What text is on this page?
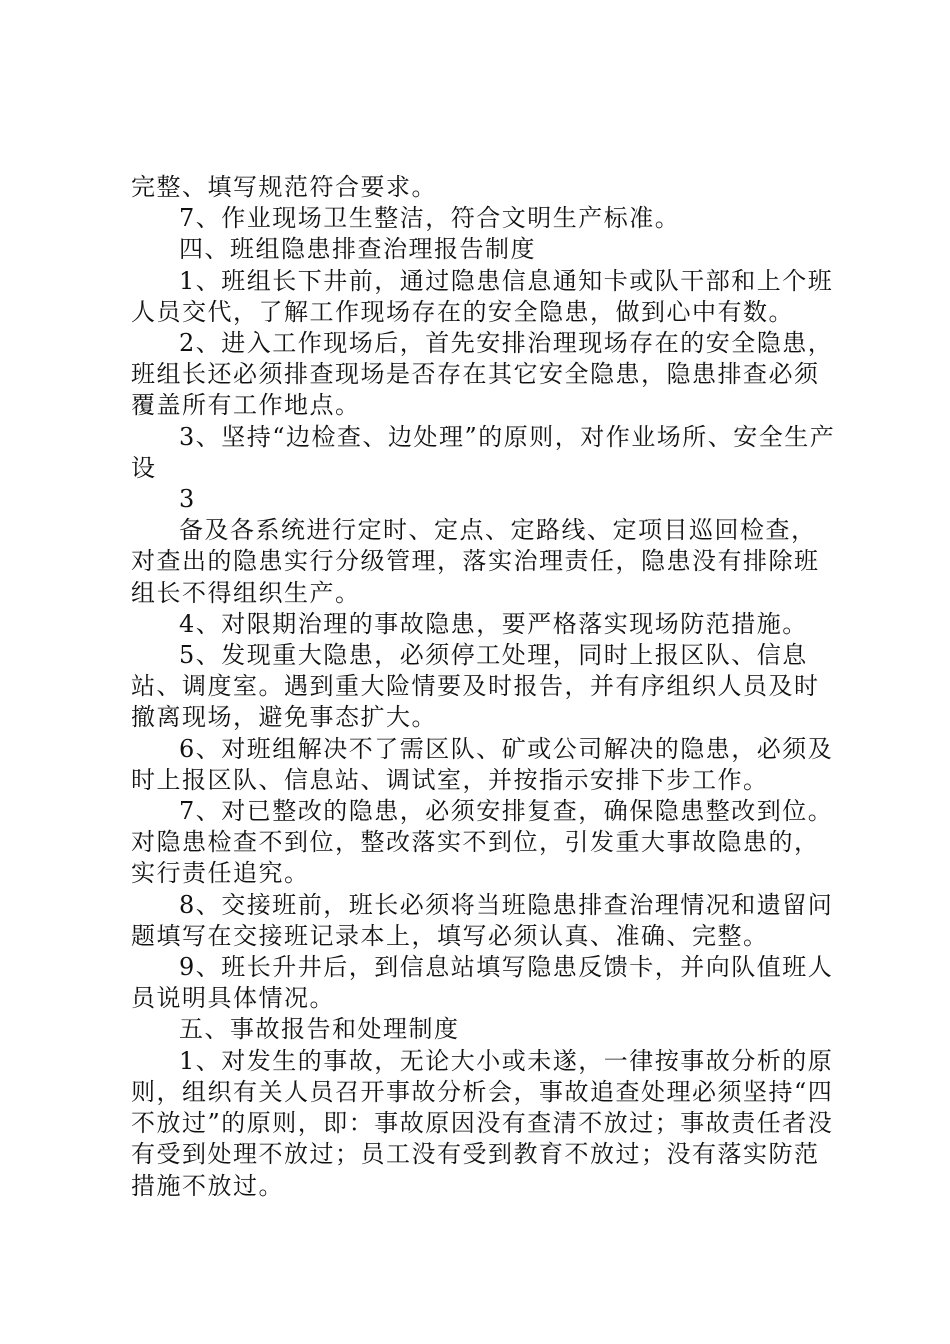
完整、填写规范符合要求。

7、作业现场卫生整洁，符合文明生产标准。

四、班组隐患排查治理报告制度

1、班组长下井前，通过隐患信息通知卡或队干部和上个班人员交代，了解工作现场存在的安全隐患，做到心中有数。

2、进入工作现场后，首先安排治理现场存在的安全隐患，班组长还必须排查现场是否存在其它安全隐患，隐患排查必须覆盖所有工作地点。

3、坚持“边检查、边处理”的原则，对作业场所、安全生产设

3

备及各系统进行定时、定点、定路线、定项目巡回检查，对查出的隐患实行分级管理，落实治理责任，隐患没有排除班组长不得组织生产。

4、对限期治理的事故隐患，要严格落实现场防范措施。

5、发现重大隐患，必须停工处理，同时上报区队、信息站、调度室。遇到重大险情要及时报告，并有序组织人员及时撤离现场，避免事态扩大。

6、对班组解决不了需区队、矿或公司解决的隐患，必须及时上报区队、信息站、调试室，并按指示安排下步工作。

7、对已整改的隐患，必须安排复查，确保隐患整改到位。对隐患检查不到位，整改落实不到位，引发重大事故隐患的，实行责任追究。

8、交接班前，班长必须将当班隐患排查治理情况和遗留问题填写在交接班记录本上，填写必须认真、准确、完整。

9、班长升井后，到信息站填写隐患反馈卡，并向队值班人员说明具体情况。

五、事故报告和处理制度

1、对发生的事故，无论大小或未遂，一律按事故分析的原则，组织有关人员召开事故分析会，事故追查处理必须坚持“四不放过”的原则，即：事故原因没有查清不放过；事故责任者没有受到处理不放过；员工没有受到教育不放过；没有落实防范措施不放过。
